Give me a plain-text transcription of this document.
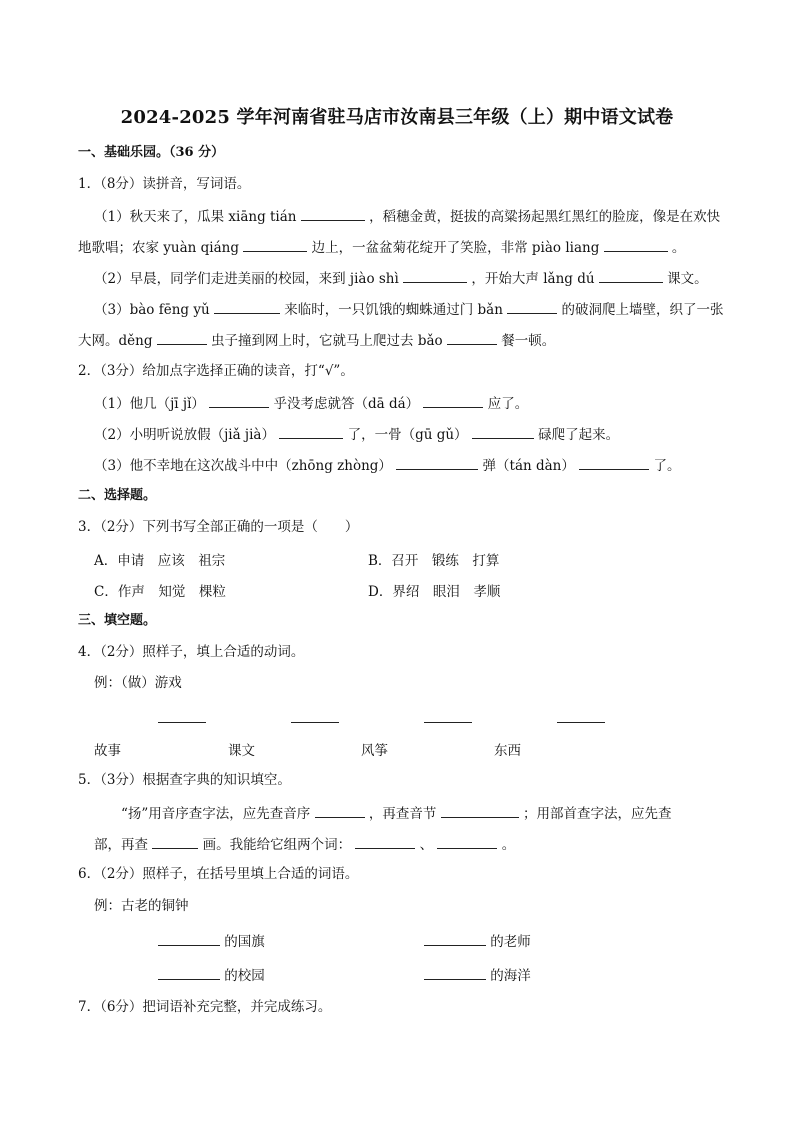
2024-2025 学年河南省驻马店市汝南县三年级（上）期中语文试卷
一、基础乐园。（36 分）
1．（8分）读拼音，写词语。
（1）秋天来了，瓜果 xiāng tián	，稻穗金黄，挺拔的高粱扬起黑红黑红的脸庞，像是在欢快
地歌唱；农家 yuàn qiáng	边上，一盆盆菊花绽开了笑脸，非常 piào liang	。
（2）早晨，同学们走进美丽的校园，来到 jiào shì	，开始大声 lǎng dú	课文。
（3）bào fēng yǔ	来临时，一只饥饿的蜘蛛通过门 bǎn	的破洞爬上墙壁，织了一张
大网。děng	虫子撞到网上时，它就马上爬过去 bǎo	餐一顿。
2．（3分）给加点字选择正确的读音，打“√”。
（1）他几（jī jǐ）	乎没考虑就答（dā dá）	应了。
（2）小明听说放假（jiǎ jià）	了，一骨（gū gǔ）	碌爬了起来。
（3）他不幸地在这次战斗中中（zhōng zhòng）	弹（tán dàn）	了。
二、选择题。
3．（2分）下列书写全部正确的一项是（　　）
A．申请　应该　祖宗	B．召开　锻练　打算
C．作声　知觉　棵粒	D．界绍　眼泪　孝顺
三、填空题。
4．（2分）照样子，填上合适的动词。
例：（做）游戏
故事	课文	风筝	东西
5．（3分）根据查字典的知识填空。
“扬”用音序查字法，应先查音序	，再查音节	；用部首查字法，应先查
部，再查	画。我能给它组两个词：	、	。
6．（2分）照样子，在括号里填上合适的词语。
例：古老的铜钟
的国旗	的老师
的校园	的海洋
7．（6分）把词语补充完整，并完成练习。
